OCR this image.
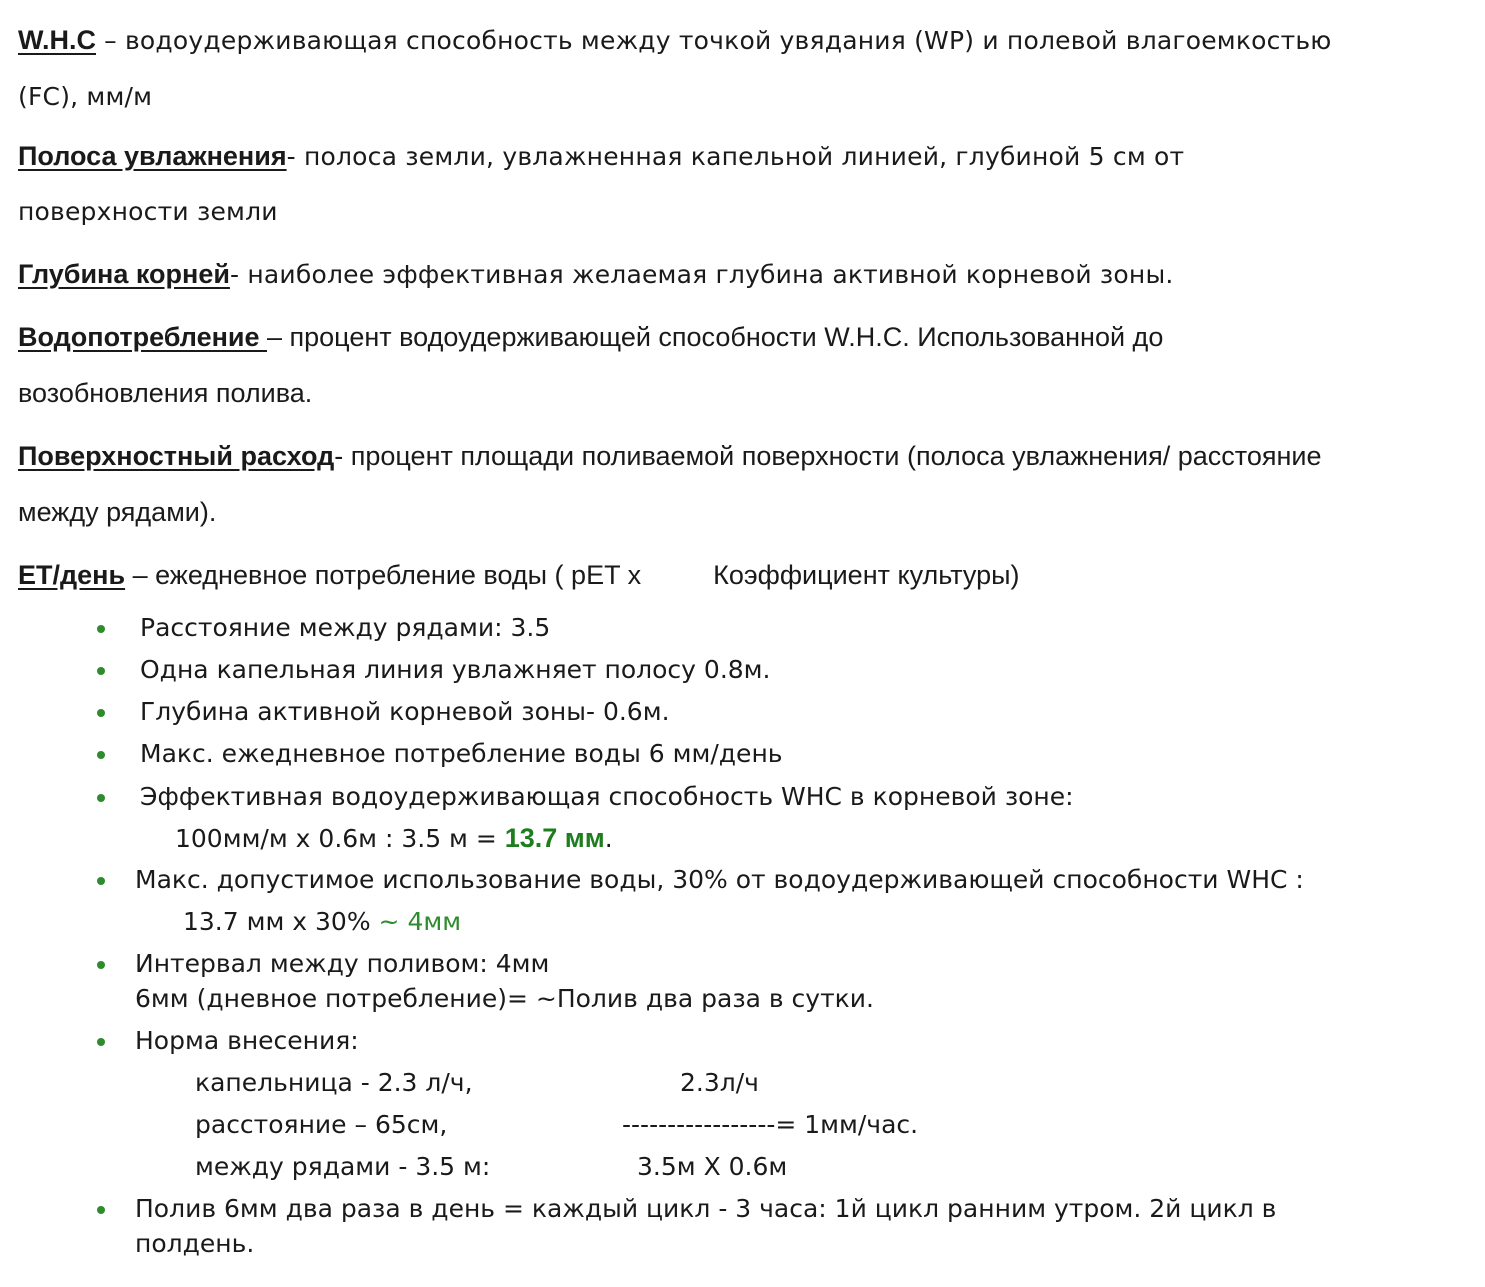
W.H.C – водоудерживающая способность между точкой увядания (WP) и полевой влагоемкостью
(FC), мм/м
Полоса увлажнения- полоса земли, увлажненная капельной линией, глубиной 5 см от
поверхности земли
Глубина корней- наиболее эффективная желаемая глубина активной корневой зоны.
Водопотребление – процент водоудерживающей способности W.H.C. Использованной до
возобновления полива.
Поверхностный расход- процент площади поливаемой поверхности (полоса увлажнения/ расстояние
между рядами).
ET/день – ежедневное потребление воды ( pET x	Коэффициент культуры)
Расстояние между рядами: 3.5
Одна капельная линия увлажняет полосу 0.8м.
Глубина активной корневой зоны- 0.6м.
Макс. ежедневное потребление воды 6 мм/день
Эффективная водоудерживающая способность WHC в корневой зоне:
100мм/м x 0.6м : 3.5 м = 13.7 мм.
Макс. допустимое использование воды, 30% от водоудерживающей способности WHC :
13.7 мм x 30% ~ 4мм
Интервал между поливом: 4мм
6мм (дневное потребление)= ~Полив два раза в сутки.
Норма внесения:
капельница - 2.3 л/ч,	2.3л/ч
расстояние – 65см,	-----------------= 1мм/час.
между рядами - 3.5 м:	3.5м X 0.6м
Полив 6мм два раза в день = каждый цикл - 3 часа: 1й цикл ранним утром. 2й цикл в
полдень.
